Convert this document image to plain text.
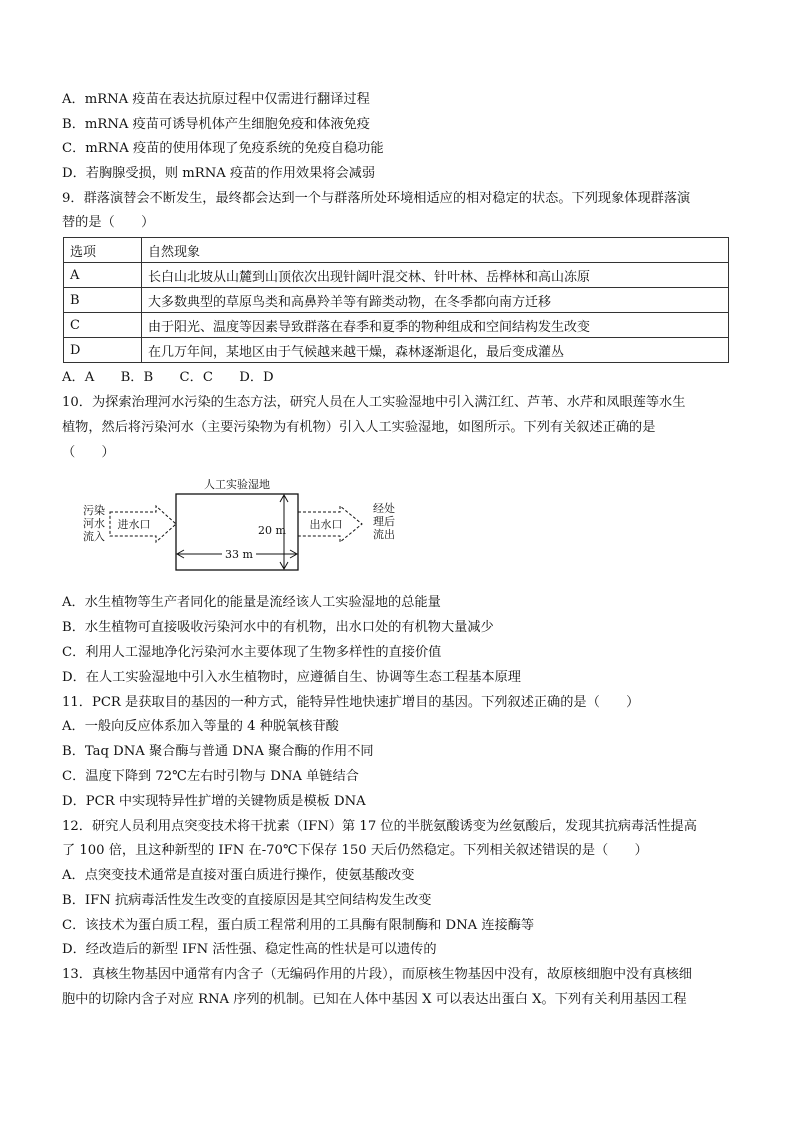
A．mRNA 疫苗在表达抗原过程中仅需进行翻译过程
B．mRNA 疫苗可诱导机体产生细胞免疫和体液免疫
C．mRNA 疫苗的使用体现了免疫系统的免疫自稳功能
D．若胸腺受损，则 mRNA 疫苗的作用效果将会减弱
9．群落演替会不断发生，最终都会达到一个与群落所处环境相适应的相对稳定的状态。下列现象体现群落演
替的是（　　）
选项	自然现象
A	长白山北坡从山麓到山顶依次出现针阔叶混交林、针叶林、岳桦林和高山冻原
B	大多数典型的草原鸟类和高鼻羚羊等有蹄类动物，在冬季都向南方迁移
C	由于阳光、温度等因素导致群落在春季和夏季的物种组成和空间结构发生改变
D	在几万年间，某地区由于气候越来越干燥，森林逐渐退化，最后变成灌丛
A．A　　B．B　　C．C　　D．D
10．为探索治理河水污染的生态方法，研究人员在人工实验湿地中引入满江红、芦苇、水芹和凤眼莲等水生
植物，然后将污染河水（主要污染物为有机物）引入人工实验湿地，如图所示。下列有关叙述正确的是
（　　）
人工实验湿地
污染
河水
流入
进水口	20 m
33 m
出水口
经处
理后
流出
A．水生植物等生产者同化的能量是流经该人工实验湿地的总能量
B．水生植物可直接吸收污染河水中的有机物，出水口处的有机物大量减少
C．利用人工湿地净化污染河水主要体现了生物多样性的直接价值
D．在人工实验湿地中引入水生植物时，应遵循自生、协调等生态工程基本原理
11．PCR 是获取目的基因的一种方式，能特异性地快速扩增目的基因。下列叙述正确的是（　　）
A．一般向反应体系加入等量的 4 种脱氧核苷酸
B．Taq DNA 聚合酶与普通 DNA 聚合酶的作用不同
C．温度下降到 72℃左右时引物与 DNA 单链结合
D．PCR 中实现特异性扩增的关键物质是模板 DNA
12．研究人员利用点突变技术将干扰素（IFN）第 17 位的半胱氨酸诱变为丝氨酸后，发现其抗病毒活性提高
了 100 倍，且这种新型的 IFN 在-70℃下保存 150 天后仍然稳定。下列相关叙述错误的是（　　）
A．点突变技术通常是直接对蛋白质进行操作，使氨基酸改变
B．IFN 抗病毒活性发生改变的直接原因是其空间结构发生改变
C．该技术为蛋白质工程，蛋白质工程常利用的工具酶有限制酶和 DNA 连接酶等
D．经改造后的新型 IFN 活性强、稳定性高的性状是可以遗传的
13．真核生物基因中通常有内含子（无编码作用的片段），而原核生物基因中没有，故原核细胞中没有真核细
胞中的切除内含子对应 RNA 序列的机制。已知在人体中基因 X 可以表达出蛋白 X。下列有关利用基因工程
